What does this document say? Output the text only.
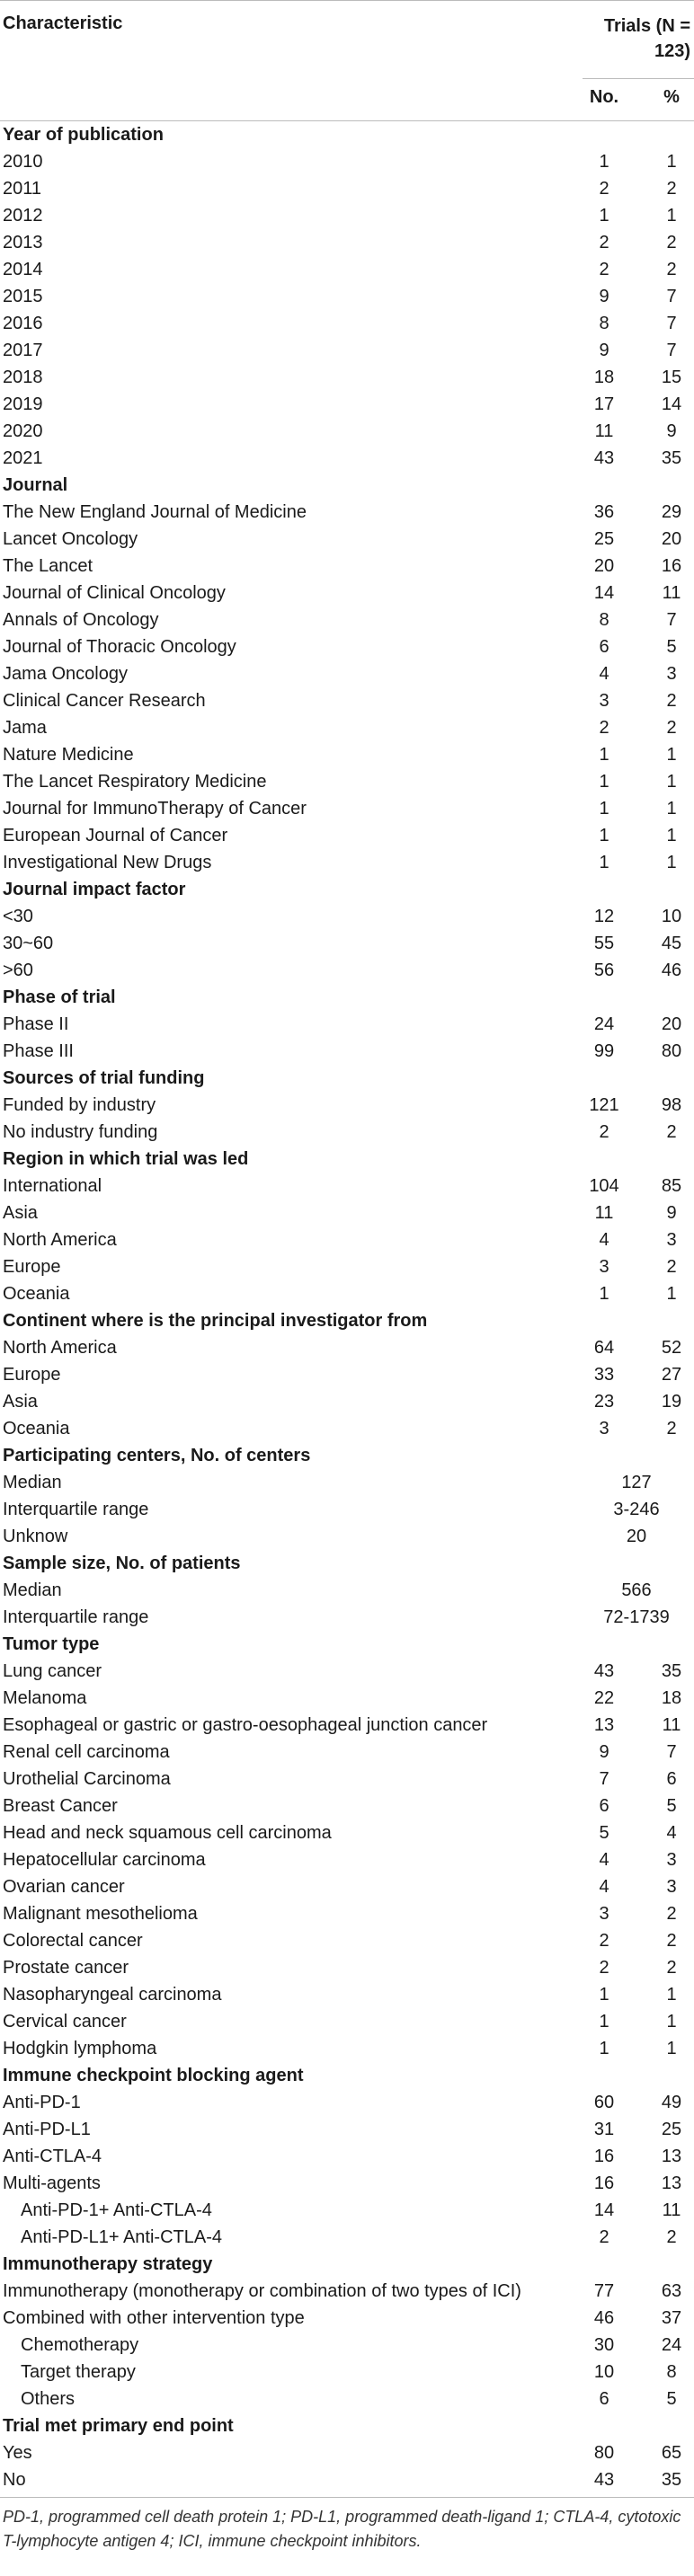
Characteristic	Trials (N =
123)
No.	%
Year of publication
2010	1	1
2011	2	2
2012	1	1
2013	2	2
2014	2	2
2015	9	7
2016	8	7
2017	9	7
2018	18	15
2019	17	14
2020	11	9
2021	43	35
Journal
The New England Journal of Medicine	36	29
Lancet Oncology	25	20
The Lancet	20	16
Journal of Clinical Oncology	14	11
Annals of Oncology	8	7
Journal of Thoracic Oncology	6	5
Jama Oncology	4	3
Clinical Cancer Research	3	2
Jama	2	2
Nature Medicine	1	1
The Lancet Respiratory Medicine	1	1
Journal for ImmunoTherapy of Cancer	1	1
European Journal of Cancer	1	1
Investigational New Drugs	1	1
Journal impact factor
<30	12	10
30~60	55	45
>60	56	46
Phase of trial
Phase II	24	20
Phase III	99	80
Sources of trial funding
Funded by industry	121	98
No industry funding	2	2
Region in which trial was led
International	104	85
Asia	11	9
North America	4	3
Europe	3	2
Oceania	1	1
Continent where is the principal investigator from
North America	64	52
Europe	33	27
Asia	23	19
Oceania	3	2
Participating centers, No. of centers
Median	127
Interquartile range	3-246
Unknow	20
Sample size, No. of patients
Median	566
Interquartile range	72-1739
Tumor type
Lung cancer	43	35
Melanoma	22	18
Esophageal or gastric or gastro-oesophageal junction cancer	13	11
Renal cell carcinoma	9	7
Urothelial Carcinoma	7	6
Breast Cancer	6	5
Head and neck squamous cell carcinoma	5	4
Hepatocellular carcinoma	4	3
Ovarian cancer	4	3
Malignant mesothelioma	3	2
Colorectal cancer	2	2
Prostate cancer	2	2
Nasopharyngeal carcinoma	1	1
Cervical cancer	1	1
Hodgkin lymphoma	1	1
Immune checkpoint blocking agent
Anti-PD-1	60	49
Anti-PD-L1	31	25
Anti-CTLA-4	16	13
Multi-agents	16	13
Anti-PD-1+ Anti-CTLA-4	14	11
Anti-PD-L1+ Anti-CTLA-4	2	2
Immunotherapy strategy
Immunotherapy (monotherapy or combination of two types of ICI)	77	63
Combined with other intervention type	46	37
Chemotherapy	30	24
Target therapy	10	8
Others	6	5
Trial met primary end point
Yes	80	65
No	43	35
PD-1, programmed cell death protein 1; PD-L1, programmed death-ligand 1; CTLA-4, cytotoxic T-lymphocyte antigen 4; ICI, immune checkpoint inhibitors.
